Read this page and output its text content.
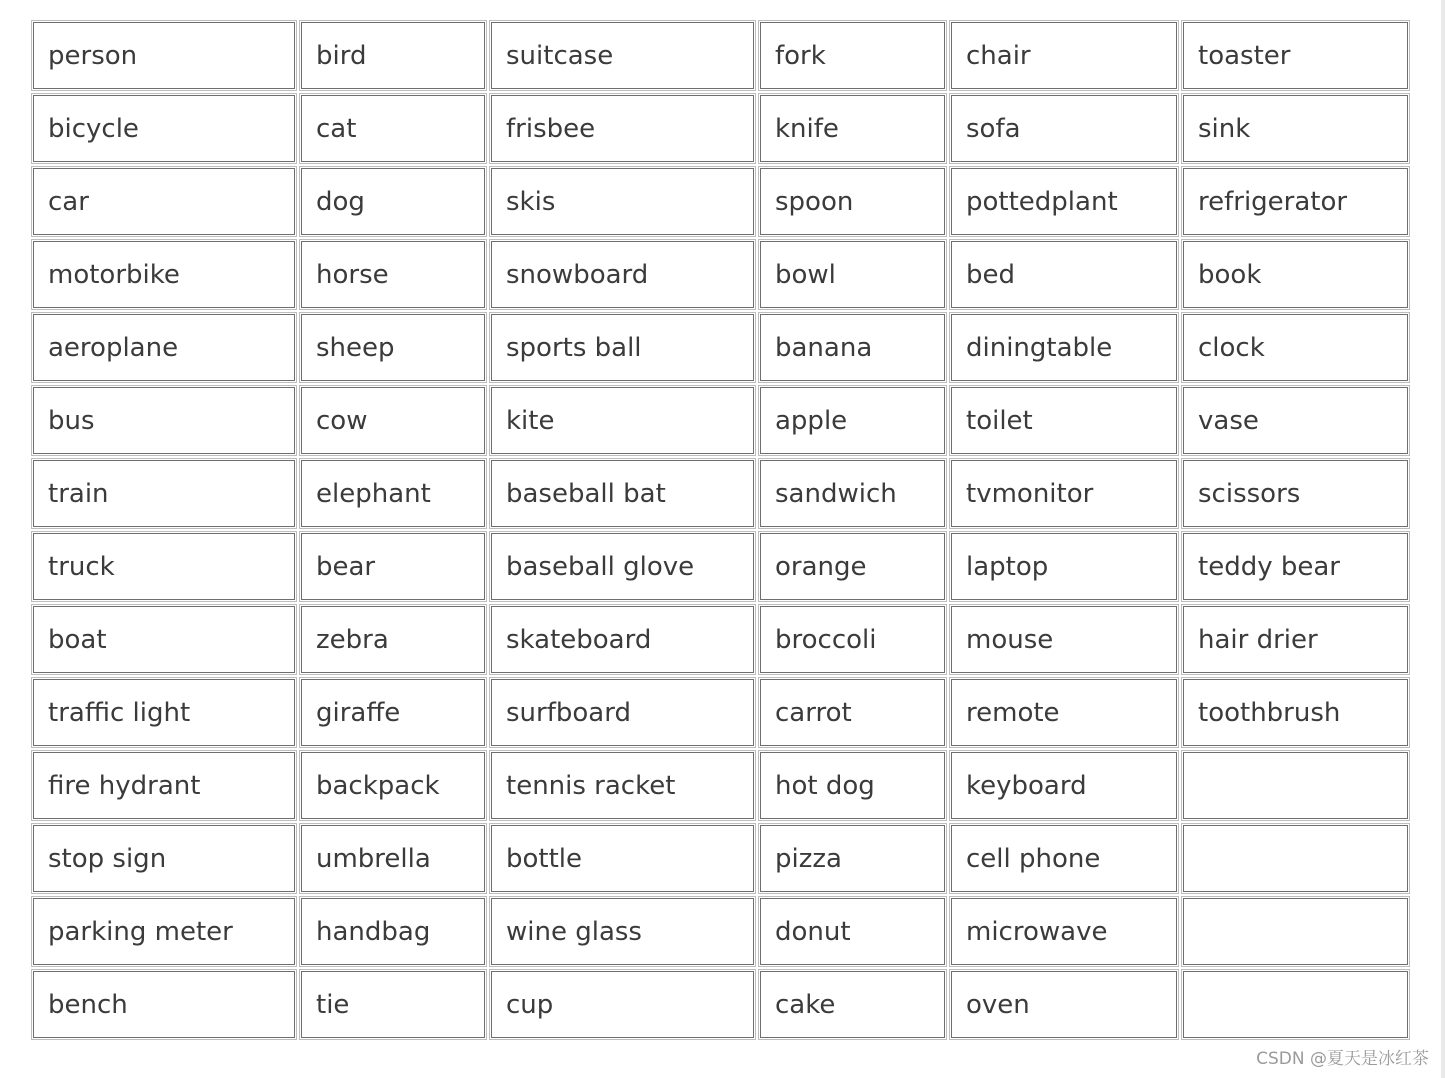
person	bird	suitcase	fork	chair	toaster
bicycle	cat	frisbee	knife	sofa	sink
car	dog	skis	spoon	pottedplant	refrigerator
motorbike	horse	snowboard	bowl	bed	book
aeroplane	sheep	sports ball	banana	diningtable	clock
bus	cow	kite	apple	toilet	vase
train	elephant	baseball bat	sandwich	tvmonitor	scissors
truck	bear	baseball glove	orange	laptop	teddy bear
boat	zebra	skateboard	broccoli	mouse	hair drier
traffic light	giraffe	surfboard	carrot	remote	toothbrush
fire hydrant	backpack	tennis racket	hot dog	keyboard
stop sign	umbrella	bottle	pizza	cell phone
parking meter	handbag	wine glass	donut	microwave
bench	tie	cup	cake	oven
CSDN @夏天是冰红茶
